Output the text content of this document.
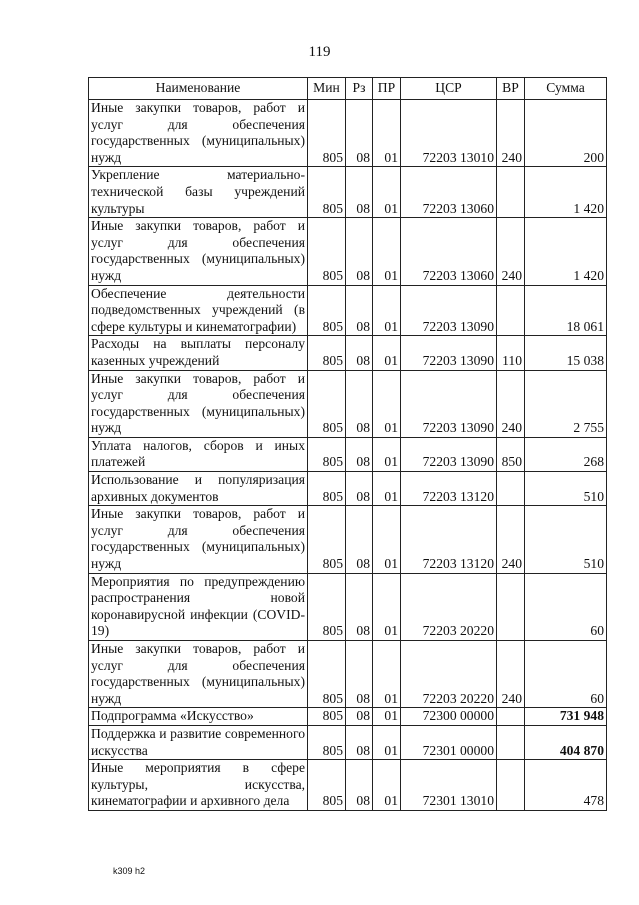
119
Наименование	Мин	Рз	ПР	ЦСР	ВР	Сумма
Иные закупки товаров, работ и услуг для обеспечения государственных (муниципальных) нужд	805	08	01	72203 13010	240	200
Укрепление материально-технической базы учреждений культуры	805	08	01	72203 13060		1 420
Иные закупки товаров, работ и услуг для обеспечения государственных (муниципальных) нужд	805	08	01	72203 13060	240	1 420
Обеспечение деятельности подведомственных учреждений (в сфере культуры и кинематографии)	805	08	01	72203 13090		18 061
Расходы на выплаты персоналу казенных учреждений	805	08	01	72203 13090	110	15 038
Иные закупки товаров, работ и услуг для обеспечения государственных (муниципальных) нужд	805	08	01	72203 13090	240	2 755
Уплата налогов, сборов и иных платежей	805	08	01	72203 13090	850	268
Использование и популяризация архивных документов	805	08	01	72203 13120		510
Иные закупки товаров, работ и услуг для обеспечения государственных (муниципальных) нужд	805	08	01	72203 13120	240	510
Мероприятия по предупреждению распространения новой коронавирусной инфекции (COVID-19)	805	08	01	72203 20220		60
Иные закупки товаров, работ и услуг для обеспечения государственных (муниципальных) нужд	805	08	01	72203 20220	240	60
Подпрограмма «Искусство»	805	08	01	72300 00000		731 948
Поддержка и развитие современного искусства	805	08	01	72301 00000		404 870
Иные мероприятия в сфере культуры, искусства, кинематографии и архивного дела	805	08	01	72301 13010		478
k309 h2
